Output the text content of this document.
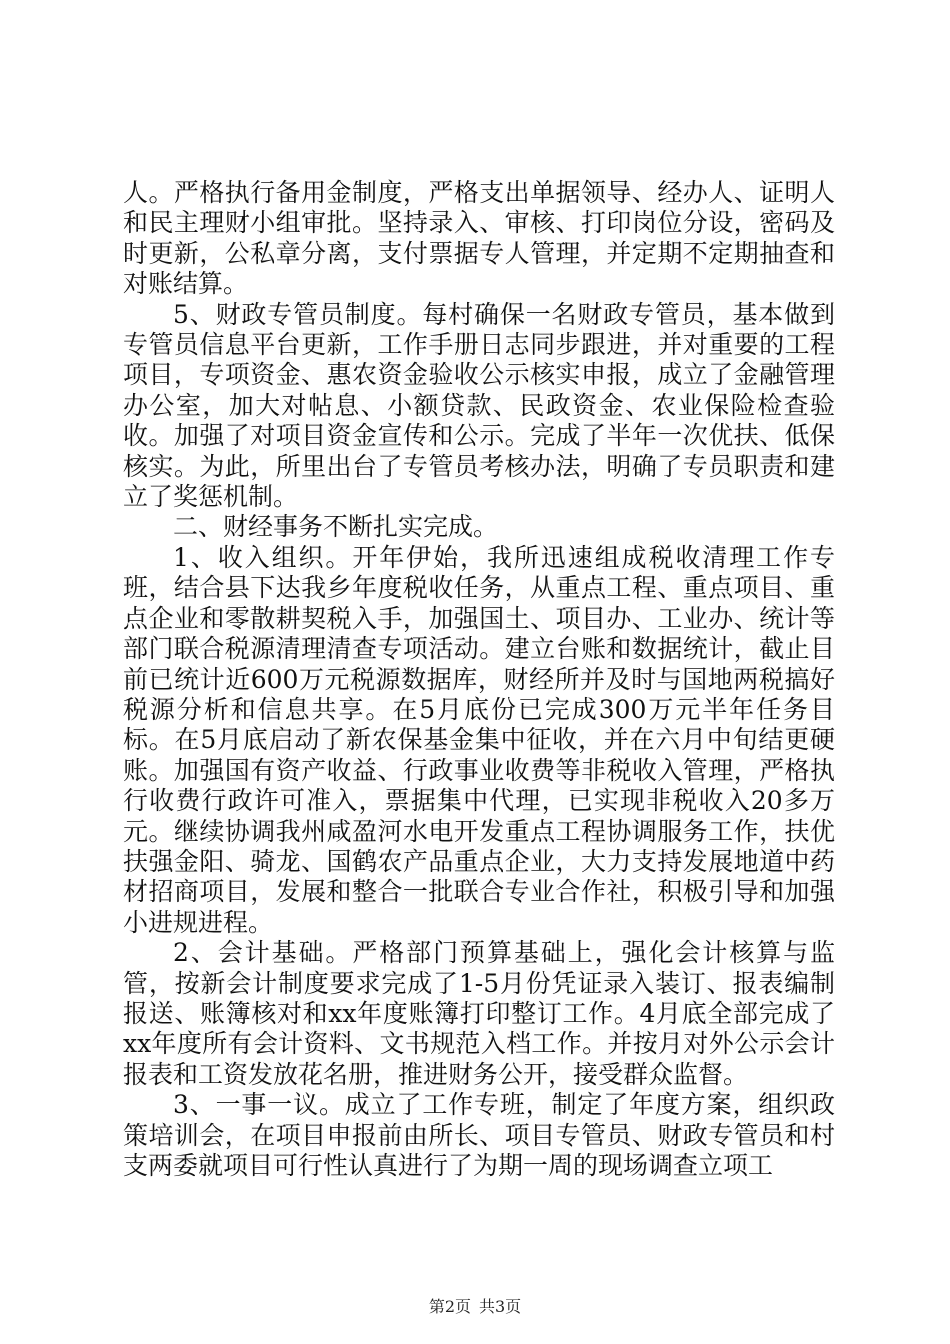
人。严格执行备用金制度，严格支出单据领导、经办人、证明人和民主理财小组审批。坚持录入、审核、打印岗位分设，密码及时更新，公私章分离，支付票据专人管理，并定期不定期抽查和对账结算。

5、财政专管员制度。每村确保一名财政专管员，基本做到专管员信息平台更新，工作手册日志同步跟进，并对重要的工程项目，专项资金、惠农资金验收公示核实申报，成立了金融管理办公室，加大对帖息、小额贷款、民政资金、农业保险检查验收。加强了对项目资金宣传和公示。完成了半年一次优扶、低保核实。为此，所里出台了专管员考核办法，明确了专员职责和建立了奖惩机制。

二、财经事务不断扎实完成。

1、收入组织。开年伊始，我所迅速组成税收清理工作专班，结合县下达我乡年度税收任务，从重点工程、重点项目、重点企业和零散耕契税入手，加强国土、项目办、工业办、统计等部门联合税源清理清查专项活动。建立台账和数据统计，截止目前已统计近600万元税源数据库，财经所并及时与国地两税搞好税源分析和信息共享。在5月底份已完成300万元半年任务目标。在5月底启动了新农保基金集中征收，并在六月中旬结更硬账。加强国有资产收益、行政事业收费等非税收入管理，严格执行收费行政许可准入，票据集中代理，已实现非税收入20多万元。继续协调我州咸盈河水电开发重点工程协调服务工作，扶优扶强金阳、骑龙、国鹤农产品重点企业，大力支持发展地道中药材招商项目，发展和整合一批联合专业合作社，积极引导和加强小进规进程。

2、会计基础。严格部门预算基础上，强化会计核算与监管，按新会计制度要求完成了1-5月份凭证录入装订、报表编制报送、账簿核对和xx年度账簿打印整订工作。4月底全部完成了xx年度所有会计资料、文书规范入档工作。并按月对外公示会计报表和工资发放花名册，推进财务公开，接受群众监督。

3、一事一议。成立了工作专班，制定了年度方案，组织政策培训会，在项目申报前由所长、项目专管员、财政专管员和村支两委就项目可行性认真进行了为期一周的现场调查立项工

第2页 共3页
